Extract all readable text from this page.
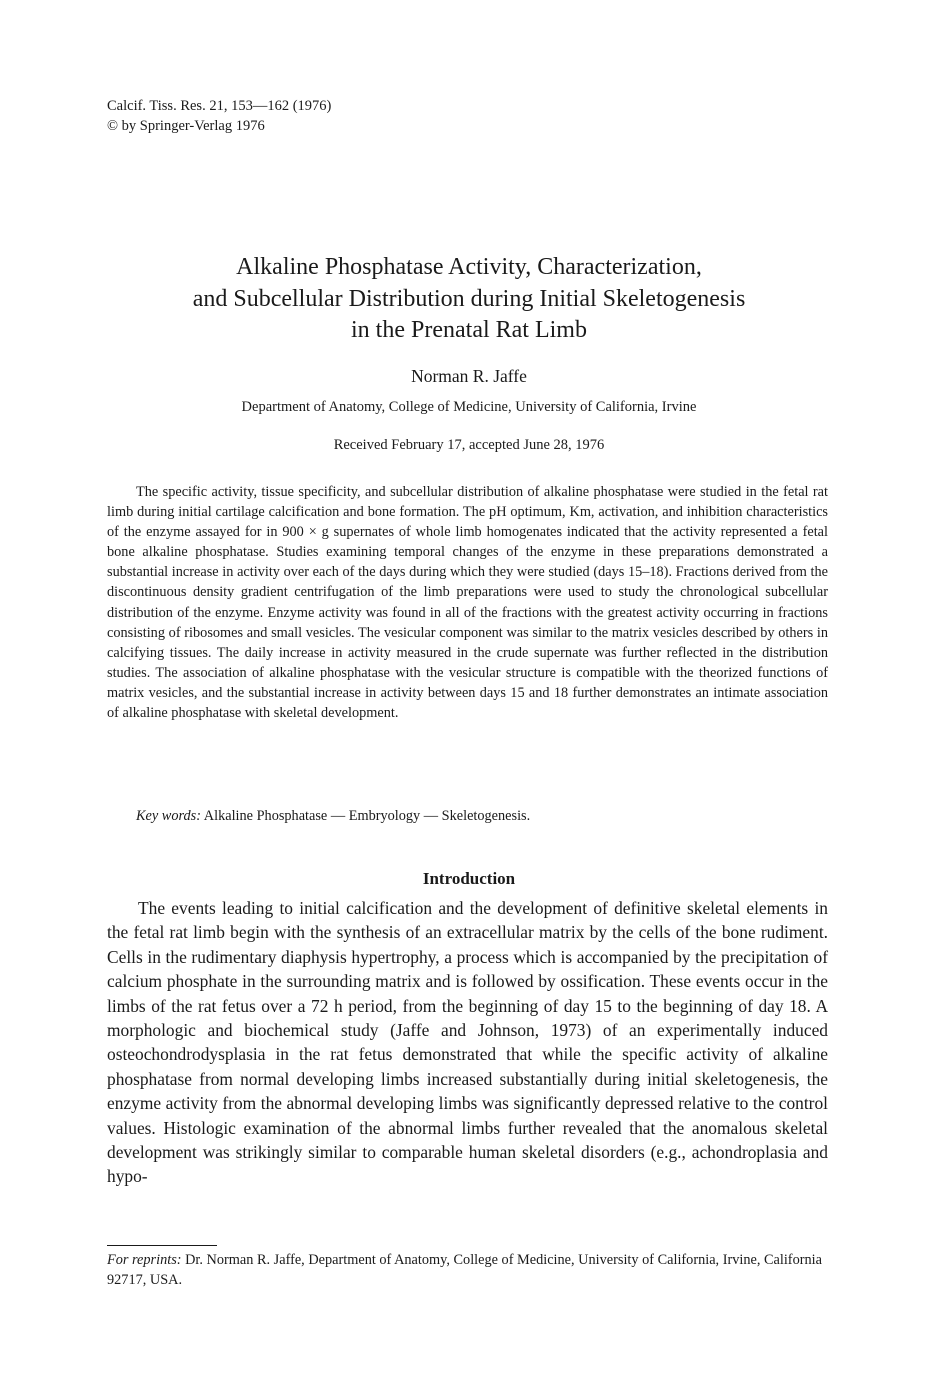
Calcif. Tiss. Res. 21, 153—162 (1976)
© by Springer-Verlag 1976
Alkaline Phosphatase Activity, Characterization,
and Subcellular Distribution during Initial Skeletogenesis
in the Prenatal Rat Limb
Norman R. Jaffe
Department of Anatomy, College of Medicine, University of California, Irvine
Received February 17, accepted June 28, 1976

The specific activity, tissue specificity, and subcellular distribution of alkaline phosphatase were studied in the fetal rat limb during initial cartilage calcification and bone formation. The pH optimum, Km, activation, and inhibition characteristics of the enzyme assayed for in 900 × g supernates of whole limb homogenates indicated that the activity represented a fetal bone alkaline phosphatase. Studies examining temporal changes of the enzyme in these preparations demonstrated a substantial increase in activity over each of the days during which they were studied (days 15–18). Fractions derived from the discontinuous density gradient centrifugation of the limb preparations were used to study the chronological subcellular distribution of the enzyme. Enzyme activity was found in all of the fractions with the greatest activity occurring in fractions consisting of ribosomes and small vesicles. The vesicular component was similar to the matrix vesicles described by others in calcifying tissues. The daily increase in activity measured in the crude supernate was further reflected in the distribution studies. The association of alkaline phosphatase with the vesicular structure is compatible with the theorized functions of matrix vesicles, and the substantial increase in activity between days 15 and 18 further demonstrates an intimate association of alkaline phosphatase with skeletal development.

Key words: Alkaline Phosphatase — Embryology — Skeletogenesis.
Introduction

The events leading to initial calcification and the development of definitive skeletal elements in the fetal rat limb begin with the synthesis of an extracellular matrix by the cells of the bone rudiment. Cells in the rudimentary diaphysis hypertrophy, a process which is accompanied by the precipitation of calcium phosphate in the surrounding matrix and is followed by ossification. These events occur in the limbs of the rat fetus over a 72 h period, from the beginning of day 15 to the beginning of day 18. A morphologic and biochemical study (Jaffe and Johnson, 1973) of an experimentally induced osteochondrodysplasia in the rat fetus demonstrated that while the specific activity of alkaline phosphatase from normal developing limbs increased substantially during initial skeletogenesis, the enzyme activity from the abnormal developing limbs was significantly depressed relative to the control values. Histologic examination of the abnormal limbs further revealed that the anomalous skeletal development was strikingly similar to comparable human skeletal disorders (e.g., achondroplasia and hypo-

For reprints: Dr. Norman R. Jaffe, Department of Anatomy, College of Medicine, University of California, Irvine, California 92717, USA.
